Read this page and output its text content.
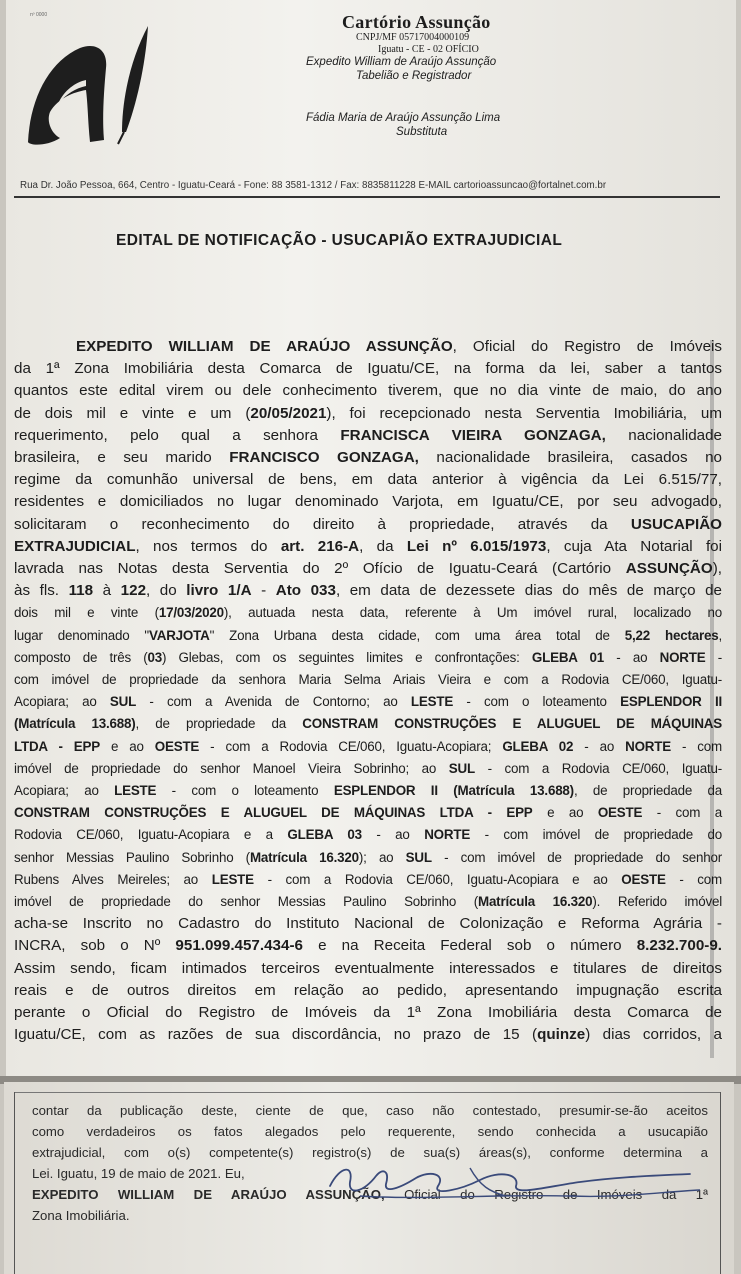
nº 0000	Cartório Assunção
CNPJ/MF 05717004000109
Iguatu - CE - 02 OFÍCIO
Expedito William de Araújo Assunção
Tabelião e Registrador
Fádia Maria de Araújo Assunção Lima
Substituta
Rua Dr. João Pessoa, 664, Centro - Iguatu-Ceará - Fone: 88 3581-1312 / Fax: 8835811228 E-MAIL cartorioassuncao@fortalnet.com.br
EDITAL DE NOTIFICAÇÃO - USUCAPIÃO EXTRAJUDICIAL
EXPEDITO WILLIAM DE ARAÚJO ASSUNÇÃO, Oficial do Registro de Imóveis
da 1ª Zona Imobiliária desta Comarca de Iguatu/CE, na forma da lei, saber a tantos
quantos este edital virem ou dele conhecimento tiverem, que no dia vinte de maio, do ano
de dois mil e vinte e um (20/05/2021), foi recepcionado nesta Serventia Imobiliária, um
requerimento, pelo qual a senhora FRANCISCA VIEIRA GONZAGA, nacionalidade
brasileira, e seu marido FRANCISCO GONZAGA, nacionalidade brasileira, casados no
regime da comunhão universal de bens, em data anterior à vigência da Lei 6.515/77,
residentes e domiciliados no lugar denominado Varjota, em Iguatu/CE, por seu advogado,
solicitaram o reconhecimento do direito à propriedade, através da USUCAPIÃO
EXTRAJUDICIAL, nos termos do art. 216-A, da Lei nº 6.015/1973, cuja Ata Notarial foi
lavrada nas Notas desta Serventia do 2º Ofício de Iguatu-Ceará (Cartório ASSUNÇÃO),
às fls. 118 à 122, do livro 1/A - Ato 033, em data de dezessete dias do mês de março de
dois mil e vinte (17/03/2020), autuada nesta data, referente à Um imóvel rural, localizado no
lugar denominado "VARJOTA" Zona Urbana desta cidade, com uma área total de 5,22 hectares,
composto de três (03) Glebas, com os seguintes limites e confrontações: GLEBA 01 - ao NORTE -
com imóvel de propriedade da senhora Maria Selma Ariais Vieira e com a Rodovia CE/060, Iguatu-
Acopiara; ao SUL - com a Avenida de Contorno; ao LESTE - com o loteamento ESPLENDOR II
(Matrícula 13.688), de propriedade da CONSTRAM CONSTRUÇÕES E ALUGUEL DE MÁQUINAS
LTDA - EPP e ao OESTE - com a Rodovia CE/060, Iguatu-Acopiara; GLEBA 02 - ao NORTE - com
imóvel de propriedade do senhor Manoel Vieira Sobrinho; ao SUL - com a Rodovia CE/060, Iguatu-
Acopiara; ao LESTE - com o loteamento ESPLENDOR II (Matrícula 13.688), de propriedade da
CONSTRAM CONSTRUÇÕES E ALUGUEL DE MÁQUINAS LTDA - EPP e ao OESTE - com a
Rodovia CE/060, Iguatu-Acopiara e a GLEBA 03 - ao NORTE - com imóvel de propriedade do
senhor Messias Paulino Sobrinho (Matrícula 16.320); ao SUL - com imóvel de propriedade do senhor
Rubens Alves Meireles; ao LESTE - com a Rodovia CE/060, Iguatu-Acopiara e ao OESTE - com
imóvel de propriedade do senhor Messias Paulino Sobrinho (Matrícula 16.320). Referido imóvel
acha-se Inscrito no Cadastro do Instituto Nacional de Colonização e Reforma Agrária -
INCRA, sob o Nº 951.099.457.434-6 e na Receita Federal sob o número 8.232.700-9.
Assim sendo, ficam intimados terceiros eventualmente interessados e titulares de direitos
reais e de outros direitos em relação ao pedido, apresentando impugnação escrita
perante o Oficial do Registro de Imóveis da 1ª Zona Imobiliária desta Comarca de
Iguatu/CE, com as razões de sua discordância, no prazo de 15 (quinze) dias corridos, a
contar da publicação deste, ciente de que, caso não contestado, presumir-se-ão aceitos
como verdadeiros os fatos alegados pelo requerente, sendo conhecida a usucapião
extrajudicial, com o(s) competente(s) registro(s) de sua(s) áreas(s), conforme determina a
Lei. Iguatu, 19 de maio de 2021. Eu,
EXPEDITO WILLIAM DE ARAÚJO ASSUNÇÃO, Oficial do Registro de Imóveis da 1ª
Zona Imobiliária.
